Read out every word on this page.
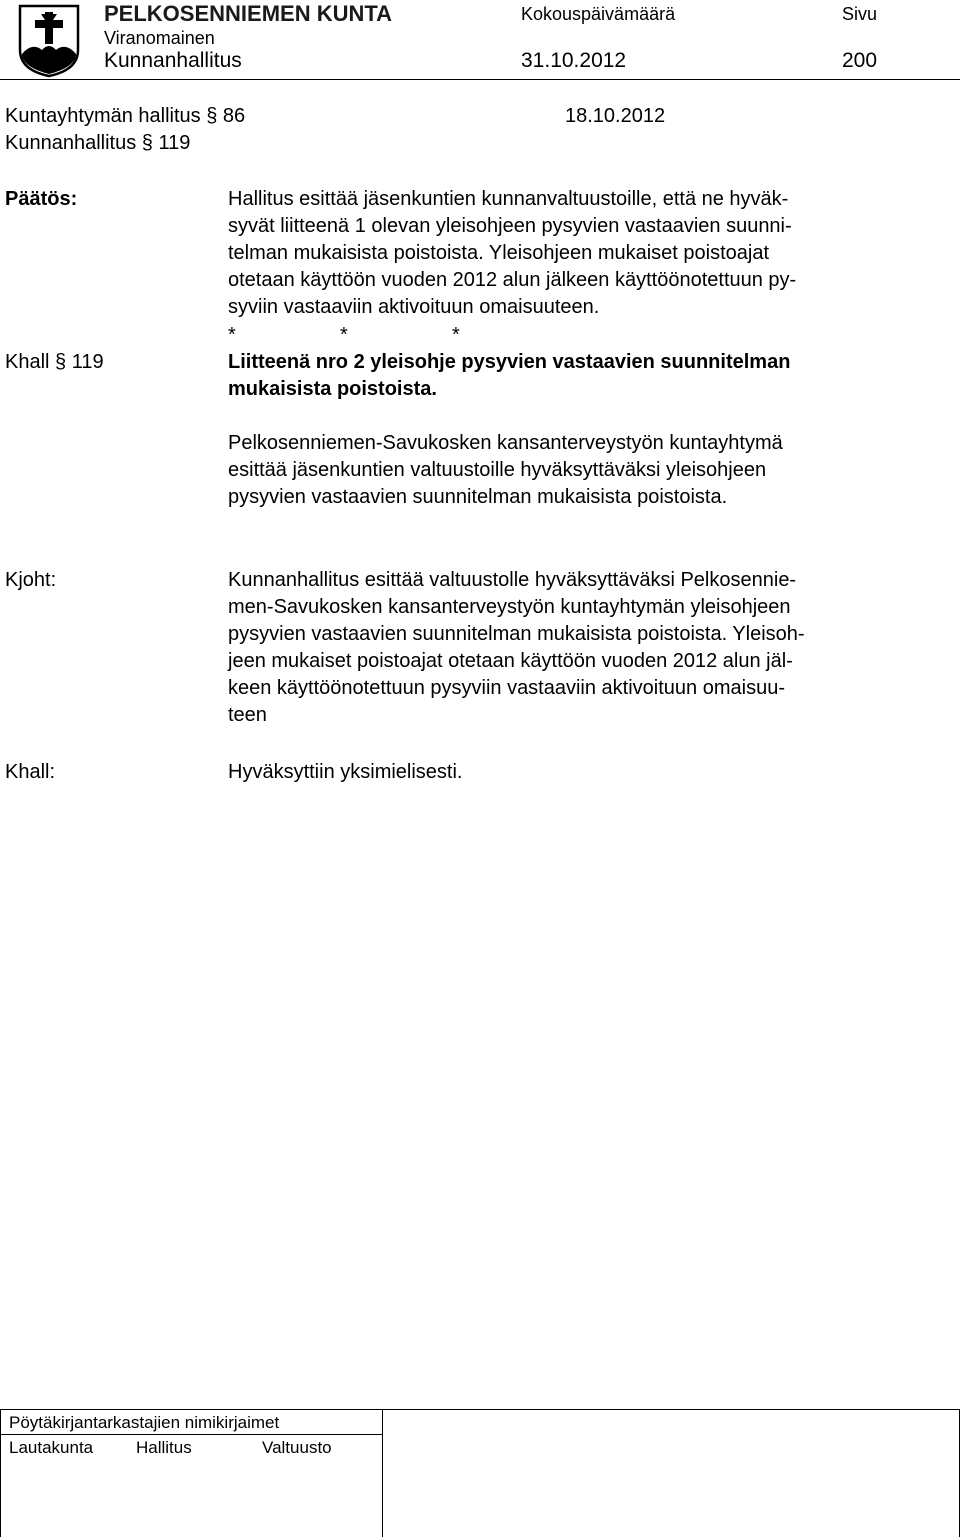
PELKOSENNIEMEN KUNTA
Viranomainen
Kunnanhallitus
Kokouspäivämäärä
31.10.2012
Sivu
200
Kuntayhtymän hallitus § 86	18.10.2012
Kunnanhallitus § 119
Päätös:	Hallitus esittää jäsenkuntien kunnanvaltuustoille, että ne hyväk-
syvät liitteenä 1 olevan yleisohjeen pysyvien vastaavien suunni-
telman mukaisista poistoista. Yleisohjeen mukaiset poistoajat
otetaan käyttöön vuoden 2012 alun jälkeen käyttöönotettuun py-
syviin vastaaviin aktivoituun omaisuuteen.
*	*	*
Khall § 119	Liitteenä nro 2 yleisohje pysyvien vastaavien suunnitelman
mukaisista poistoista.
Pelkosenniemen-Savukosken kansanterveystyön kuntayhtymä
esittää jäsenkuntien valtuustoille hyväksyttäväksi yleisohjeen
pysyvien vastaavien suunnitelman mukaisista poistoista.
Kjoht:	Kunnanhallitus esittää valtuustolle hyväksyttäväksi Pelkosennie-
men-Savukosken kansanterveystyön kuntayhtymän yleisohjeen
pysyvien vastaavien suunnitelman mukaisista poistoista. Yleisoh-
jeen mukaiset poistoajat otetaan käyttöön vuoden 2012 alun jäl-
keen käyttöönotettuun pysyviin vastaaviin aktivoituun omaisuu-
teen
Khall:	Hyväksyttiin yksimielisesti.
Pöytäkirjantarkastajien nimikirjaimet
Lautakunta	Hallitus	Valtuusto
